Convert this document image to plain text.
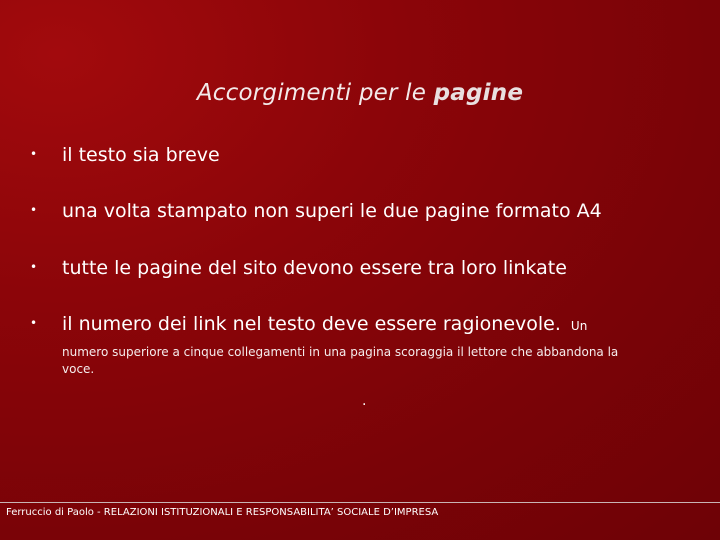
Accorgimenti per le pagine
•	il testo sia breve
•	una volta stampato non superi le due pagine formato A4
•	tutte le pagine del sito devono essere tra loro linkate
•	il numero dei link nel testo deve essere ragionevole. Un
numero superiore a cinque collegamenti in una pagina scoraggia il lettore che abbandona la voce.
.
Ferruccio di Paolo - RELAZIONI ISTITUZIONALI E RESPONSABILITA’ SOCIALE D’IMPRESA
